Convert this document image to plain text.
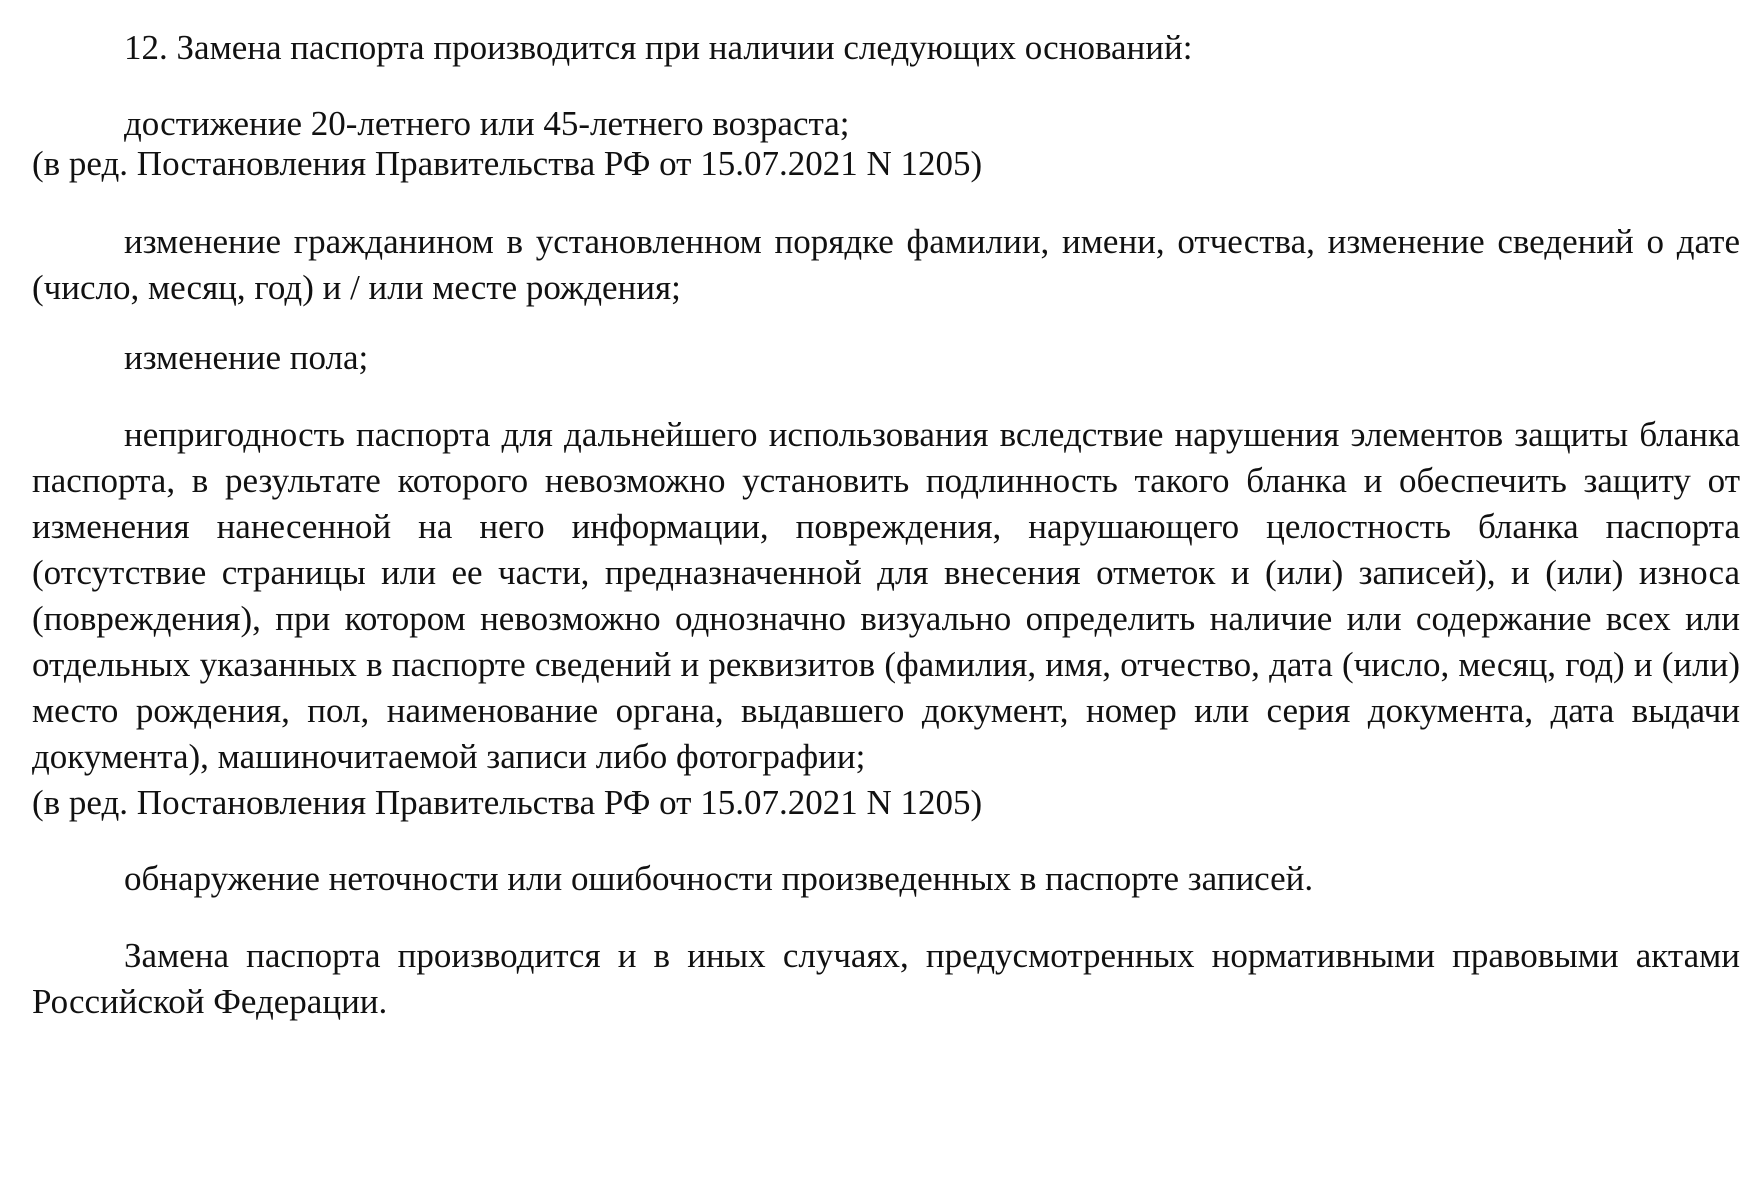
12. Замена паспорта производится при наличии следующих оснований:

достижение 20-летнего или 45-летнего возраста;

(в ред. Постановления Правительства РФ от 15.07.2021 N 1205)

изменение гражданином в установленном порядке фамилии, имени, отчества, изменение сведений о дате (число, месяц, год) и / или месте рождения;

изменение пола;

непригодность паспорта для дальнейшего использования вследствие нарушения элементов защиты бланка паспорта, в результате которого невозможно установить подлинность такого бланка и обеспечить защиту от изменения нанесенной на него информации, повреждения, нарушающего целостность бланка паспорта (отсутствие страницы или ее части, предназначенной для внесения отметок и (или) записей), и (или) износа (повреждения), при котором невозможно однозначно визуально определить наличие или содержание всех или отдельных указанных в паспорте сведений и реквизитов (фамилия, имя, отчество, дата (число, месяц, год) и (или) место рождения, пол, наименование органа, выдавшего документ, номер или серия документа, дата выдачи документа), машиночитаемой записи либо фотографии;

(в ред. Постановления Правительства РФ от 15.07.2021 N 1205)

обнаружение неточности или ошибочности произведенных в паспорте записей.

Замена паспорта производится и в иных случаях, предусмотренных нормативными правовыми актами Российской Федерации.
